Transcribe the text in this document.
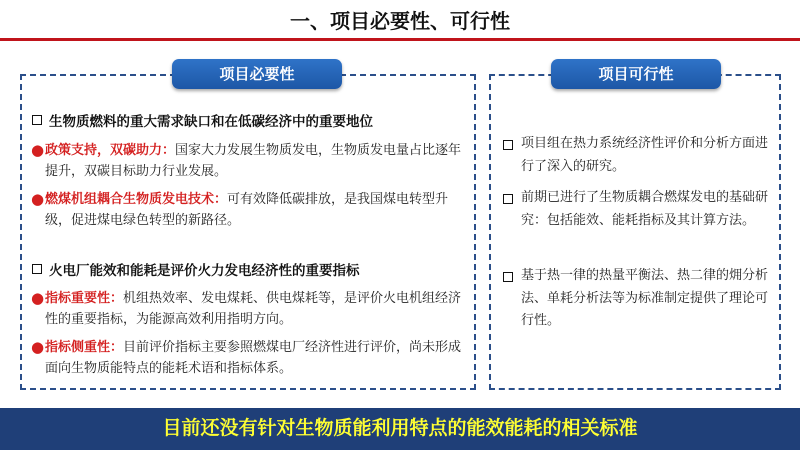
一、项目必要性、可行性
项目必要性	项目可行性
生物质燃料的重大需求缺口和在低碳经济中的重要地位
● 政策支持，双碳助力：国家大力发展生物质发电，生物质发电量占比逐年提升，双碳目标助力行业发展。
● 燃煤机组耦合生物质发电技术：可有效降低碳排放，是我国煤电转型升级，促进煤电绿色转型的新路径。
火电厂能效和能耗是评价火力发电经济性的重要指标
● 指标重要性：机组热效率、发电煤耗、供电煤耗等，是评价火电机组经济性的重要指标，为能源高效利用指明方向。
● 指标侧重性：目前评价指标主要参照燃煤电厂经济性进行评价，尚未形成面向生物质能特点的能耗术语和指标体系。
项目组在热力系统经济性评价和分析方面进行了深入的研究。
前期已进行了生物质耦合燃煤发电的基础研究：包括能效、能耗指标及其计算方法。
基于热一律的热量平衡法、热二律的㶲分析法、单耗分析法等为标准制定提供了理论可行性。
目前还没有针对生物质能利用特点的能效能耗的相关标准
